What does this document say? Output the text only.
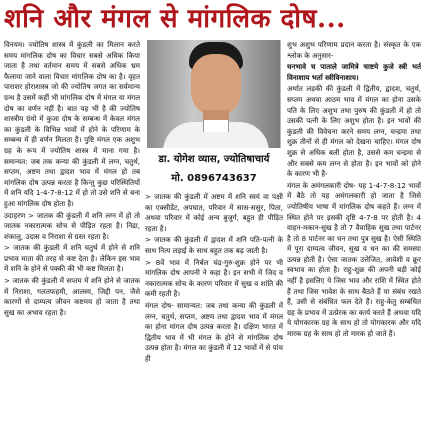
शनि और मंगल से मांगलिक दोष...

विनयम। ज्योतिष शास्त्र में कुंडली का मिलान करते समय मांगलिक दोष का विचार सबसे अधिक किया जाता है तथा वर्तमान समय में सबसे अधिक भ्रम फैलाया जाने वाला विचार मांगलिक दोष का है। वृहत पाराशर होराशास्त्र जो की ज्योतिष जगत का सर्वमान्य ग्रन्थ है उसमें कहीं भी मांगलिक दोष में मंगल या मंगल दोष का वर्णन नहीं है। बात यह भी है की ज्योतिष शास्त्रीय ग्रंथो में कुजा दोष के सम्बन्ध में केवल मंगल का कुंडली के विभिन्न भावों में होने के परिणाम के सम्बन्ध में ही वर्णन मिलता है। पुष्टि मंगल एक अशुभ ग्रह के रूप में ज्योतिष शास्त्र में माना गया है। समान्यत: जब तक कन्या की कुंडली में लग्न, चतुर्थ, सप्तम, अष्टम तथा द्वादश भाव में मंगल हो तब मांगलिक दोष उत्पन्न करता है किन्तु कुछ परिस्थितियों में शनि यदि 1-4-7-8-12 में हो तो उसे शनि से बना हुआ मांगलिक दोष होता है।

उदाहरण > जातक की कुंडली में शनि लग्न में हो तो जातक नकारात्मक सोच से पीड़ित रहता है। निद्रा, शंकालु, उदास व निराशा से ग्रस्त रहता है।

> जातक की कुंडली में शनि चतुर्थ में होने से शनि प्रभाव माता की तरह से कष्ट देता है। लेकिन इस भाव में शनि के होने से पक्की की भी कष्ट मिलता है।

> जातक की कुंडली में सप्तम में शनि होने से जातक में निराशा, गलतफहमी, आलस्य, जिद्दी पन, जैसे कारणों से दाम्पत्य जीवन कष्टमय हो जाता है तथा सुख का अभाव रहता है।

डा. योगेश व्यास, ज्योतिषाचार्य
मो. 0896743637

> जातक की कुंडली में अष्टम में शनि स्वयं वा पक्षी का एक्सीडेंट, अपघात, परिवार में सास-ससुर, पिता, अथवा परिवार में कोई अन्य बुजुर्ग, बहुत ही पीड़ित रहता है।

> जातक की कुंडली में द्वादश में शनि पति-पत्नी के साथ नित्य लड़ाई के साथ बहुत तक बढ़ जाती है।

> 8वें भाव में निर्बल चंद्र-गुरु-शुक्र होने पर भी मांगलिक दोष आपनी ने कहा है। इन सभी में जिद व नकारात्मक सोच के कारण परिवार में सुख व शांति की कमी रहती है।

मंगल दोष- सामान्यत: जब तथा कन्या की कुंडली में लग्न, चतुर्थ, सप्तम, अष्टम तथा द्वादश भाव में मंगल का होना मांगल दोष उत्पन्न करता है। दक्षिण भारत में द्वितीय भाव में भी मंगल के होने से मांगलिक दोष उत्पन्न होता है। मंगल का कुंडली में 12 भावों में से पांच ही

शुभ अशुभ परिणाम प्रदान करता है। संस्कृत के एक श्लोक के अनुसार-

धनभावे च पाताले जामित्रे चाष्टमे कुजे स्त्री भर्त विनाशाय भर्ता स्त्रीविनाशाय।

अर्थात लड़की की कुंडली में द्वितीय, द्वादश, चतुर्थ, सप्तम अथवा आठम भाव में मंगल का होना उसके पति के लिए अशुभ तथा पुरुष की कुंडली में हो तो उसकी पत्नी के लिए अशुभ होता है। इन भावों की कुंडली की विवेचना करने समय लग्न, चन्द्रमा तथा शुक्र तीनों से ही मंगल को देखना चाहिए। मंगल दोष शुक्र से अधिक बली होता है, उससे कम चन्द्रमा से और सबसे कम लग्न से होता है। इन भावों को होने के कारण भी है-

मंगल के अमंगलकारी दोष- यह 1-4-7-8-12 भावों में बैठे तो यह अमंगलकारी हो जाता है जिसे ज्योतिषीय भाषा में मांगलिक दोष कहते हैं। लग्न में स्थित होने पर इसकी दृष्टि 4-7-8 पर होती है। 4 वाहन-मकान-सुख है तो 7 वैवाहिक सुख तथा पार्टनर है तो 8 पार्टनर का धन तथा पुत्र सुख है। ऐसी स्थिति में पूरा दाम्पत्य जीवन, सुख व धन का की समस्या उत्पन्न होती है। ऐसा जातक उत्तेजित, आवेशी व क्रूर स्वभाव का होता है। राहु-शुक्र की अपनी बड़ी कोई नहीं है इसलिए ये जिस भाव और राशि में स्थित होते हैं तथा जिस भावेश के साथ बैठते हैं या संबंध रखते हैं, उसी से संबंधित फल देते हैं। राहु-केतु सम्बंधित ग्रह के प्रभाव में उत्प्रेरक का कार्य करते हैं अथवा यदि ये योगकारक ग्रह के साथ हो तो योगकारक और यदि मारक ग्रह के साथ हो तो मारक हो जाते हैं।
